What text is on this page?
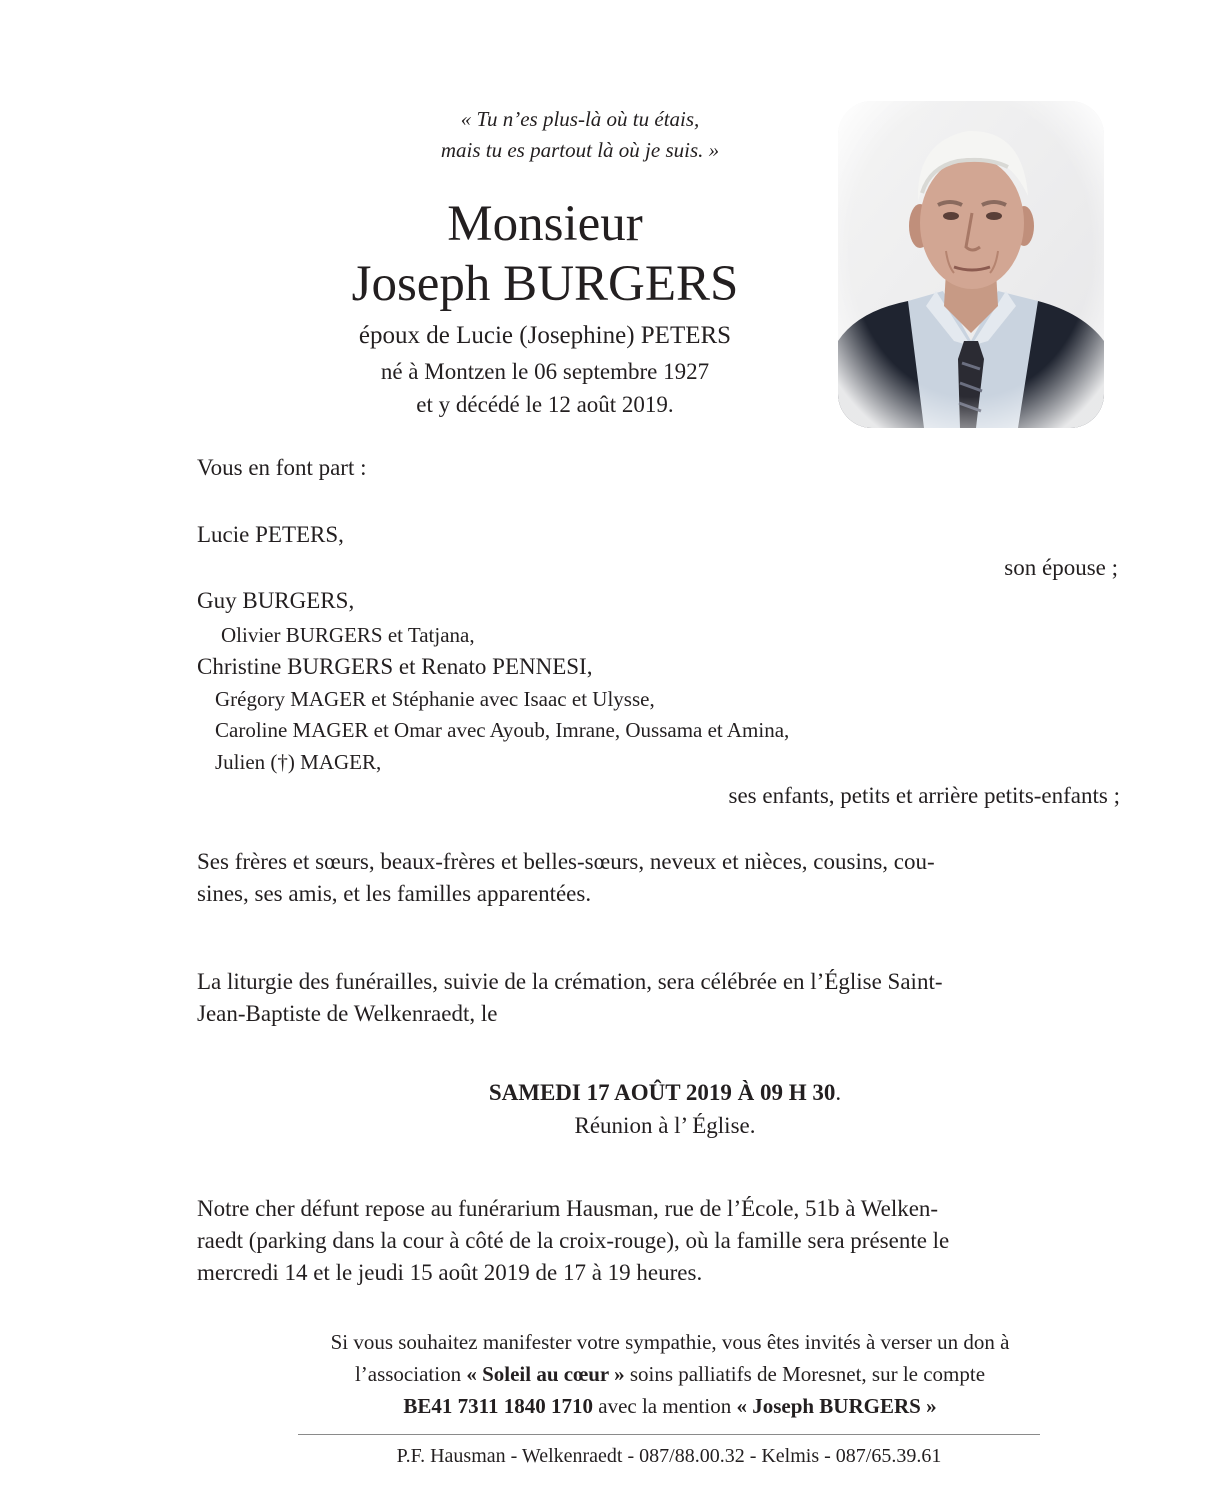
« Tu n’es plus-là où tu étais,
mais tu es partout là où je suis. »
Monsieur
Joseph BURGERS
époux de Lucie (Josephine) PETERS
né à Montzen le 06 septembre 1927
et y décédé le 12 août 2019.
Vous en font part :
Lucie PETERS,
son épouse ;
Guy BURGERS,
Olivier BURGERS et Tatjana,
Christine BURGERS et Renato PENNESI,
Grégory MAGER et Stéphanie avec Isaac et Ulysse,
Caroline MAGER et Omar avec Ayoub, Imrane, Oussama et Amina,
Julien (†) MAGER,
ses enfants, petits et arrière petits-enfants ;
Ses frères et sœurs, beaux-frères et belles-sœurs, neveux et nièces, cousins, cou-
sines, ses amis, et les familles apparentées.
La liturgie des funérailles, suivie de la crémation, sera célébrée en l’Église Saint-
Jean-Baptiste de Welkenraedt, le
SAMEDI 17 AOÛT 2019 À 09 H 30.
Réunion à l’ Église.
Notre cher défunt repose au funérarium Hausman, rue de l’École, 51b à Welken-
raedt (parking dans la cour à côté de la croix-rouge), où la famille sera présente le
mercredi 14 et le jeudi 15 août 2019 de 17 à 19 heures.
Si vous souhaitez manifester votre sympathie, vous êtes invités à verser un don à
l’association « Soleil au cœur » soins palliatifs de Moresnet, sur le compte
BE41 7311 1840 1710 avec la mention « Joseph BURGERS »
P.F. Hausman - Welkenraedt - 087/88.00.32 - Kelmis - 087/65.39.61
